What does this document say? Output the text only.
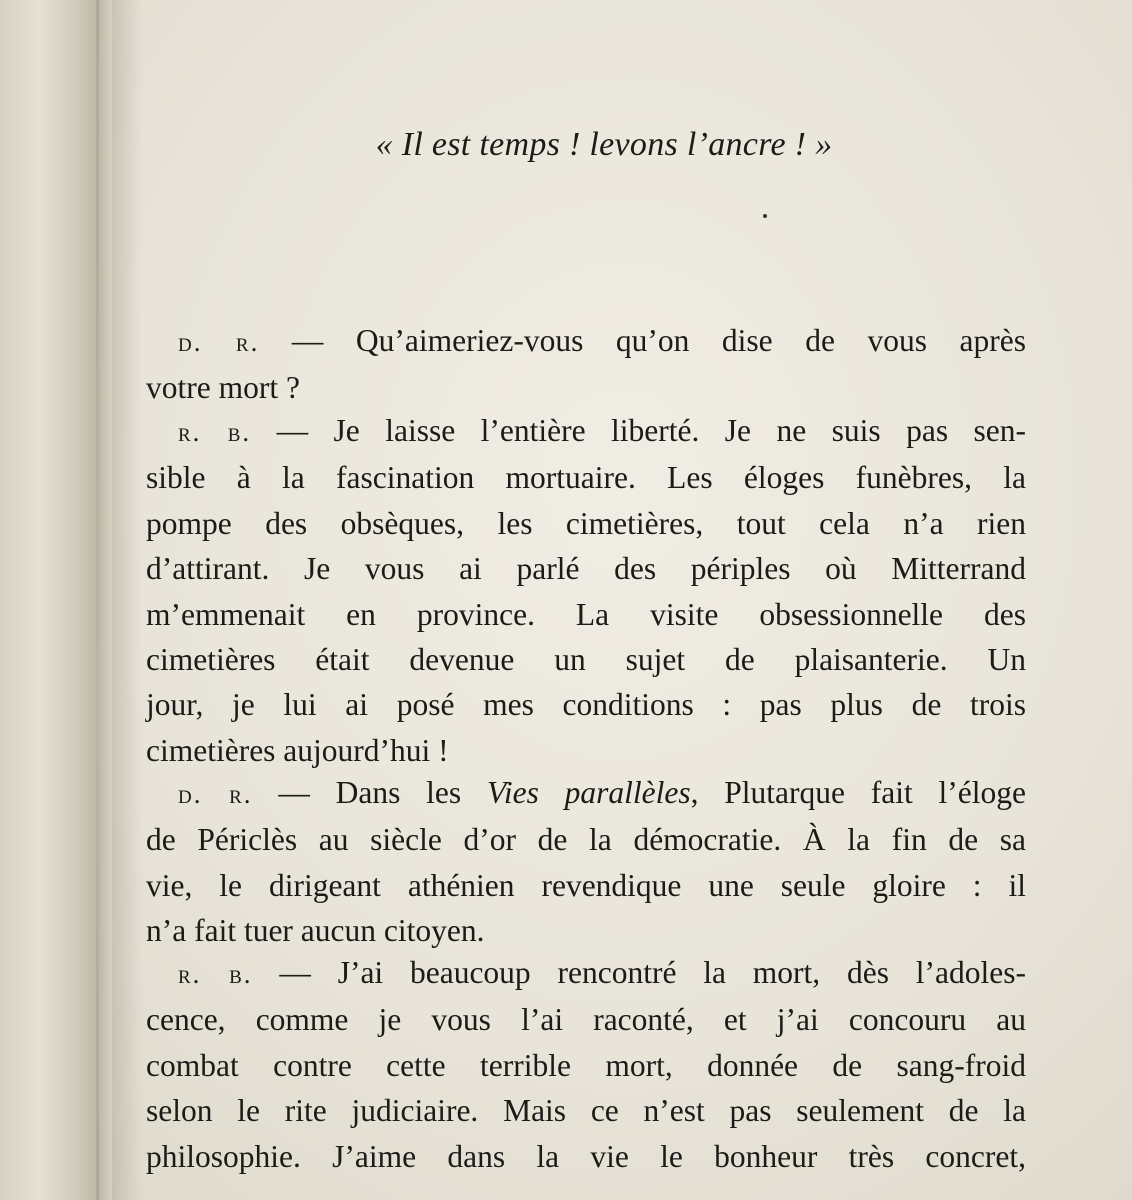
« Il est temps ! levons l’ancre ! »
d. r. — Qu’aimeriez-vous qu’on dise de vous après
votre mort ?
r. b. — Je laisse l’entière liberté. Je ne suis pas sen-
sible à la fascination mortuaire. Les éloges funèbres, la
pompe des obsèques, les cimetières, tout cela n’a rien
d’attirant. Je vous ai parlé des périples où Mitterrand
m’emmenait en province. La visite obsessionnelle des
cimetières était devenue un sujet de plaisanterie. Un
jour, je lui ai posé mes conditions : pas plus de trois
cimetières aujourd’hui !
d. r. — Dans les Vies parallèles, Plutarque fait l’éloge
de Périclès au siècle d’or de la démocratie. À la fin de sa
vie, le dirigeant athénien revendique une seule gloire : il
n’a fait tuer aucun citoyen.
r. b. — J’ai beaucoup rencontré la mort, dès l’adoles-
cence, comme je vous l’ai raconté, et j’ai concouru au
combat contre cette terrible mort, donnée de sang-froid
selon le rite judiciaire. Mais ce n’est pas seulement de la
philosophie. J’aime dans la vie le bonheur très concret,
